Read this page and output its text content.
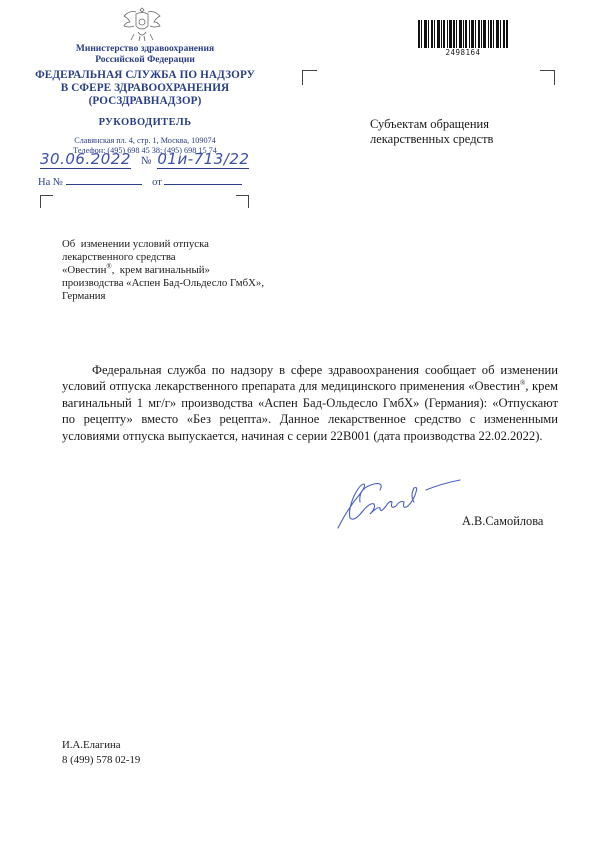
Министерство здравоохранения
Российской Федерации
ФЕДЕРАЛЬНАЯ СЛУЖБА ПО НАДЗОРУ
В СФЕРЕ ЗДРАВООХРАНЕНИЯ
(РОСЗДРАВНАДЗОР)
РУКОВОДИТЕЛЬ
Славянская пл. 4, стр. 1, Москва, 109074
Телефон: (495) 698 45 38; (495) 698 15 74
30.06.2022 № 01и-713/22
На №	от
2498164
Субъектам обращения
лекарственных средств
Об  изменении условий отпуска
лекарственного средства
«Овестин®,  крем вагинальный»
производства «Аспен Бад-Ольдесло ГмбХ»,
Германия

Федеральная служба по надзору в сфере здравоохранения сообщает об изменении условий отпуска лекарственного препарата для медицинского применения «Овестин®, крем вагинальный 1 мг/г» производства «Аспен Бад-Ольдесло ГмбХ» (Германия): «Отпускают по рецепту» вместо «Без рецепта». Данное лекарственное средство с измененными условиями отпуска выпускается, начиная с серии 22В001 (дата производства 22.02.2022).

А.В.Самойлова
И.А.Елагина
8 (499) 578 02-19
